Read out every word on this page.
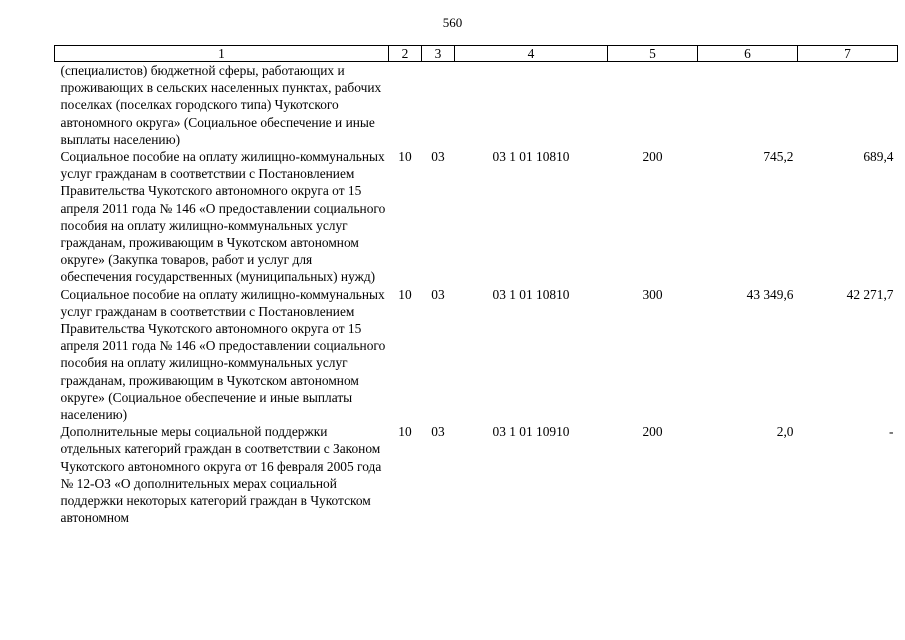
560
1	2	3	4	5	6	7
(специалистов) бюджетной сферы, работающих и проживающих в сельских населенных пунктах, рабочих поселках (поселках городского типа) Чукотского автономного округа» (Социальное обеспечение и иные выплаты населению)						
Социальное пособие на оплату жилищно-коммунальных услуг гражданам в соответствии с Постановлением Правительства Чукотского автономного округа от 15 апреля 2011 года № 146 «О предоставлении социального пособия на оплату жилищно-коммунальных услуг гражданам, проживающим в Чукотском автономном округе» (Закупка товаров, работ и услуг для обеспечения государственных (муниципальных) нужд)	10	03	03 1 01 10810	200	745,2	689,4
Социальное пособие на оплату жилищно-коммунальных услуг гражданам в соответствии с Постановлением Правительства Чукотского автономного округа от 15 апреля 2011 года № 146 «О предоставлении социального пособия на оплату жилищно-коммунальных услуг гражданам, проживающим в Чукотском автономном округе» (Социальное обеспечение и иные выплаты населению)	10	03	03 1 01 10810	300	43 349,6	42 271,7
Дополнительные меры социальной поддержки отдельных категорий граждан в соответствии с Законом Чукотского автономного округа от 16 февраля 2005 года № 12-ОЗ «О дополнительных мерах социальной поддержки некоторых категорий граждан в Чукотском автономном	10	03	03 1 01 10910	200	2,0	-
